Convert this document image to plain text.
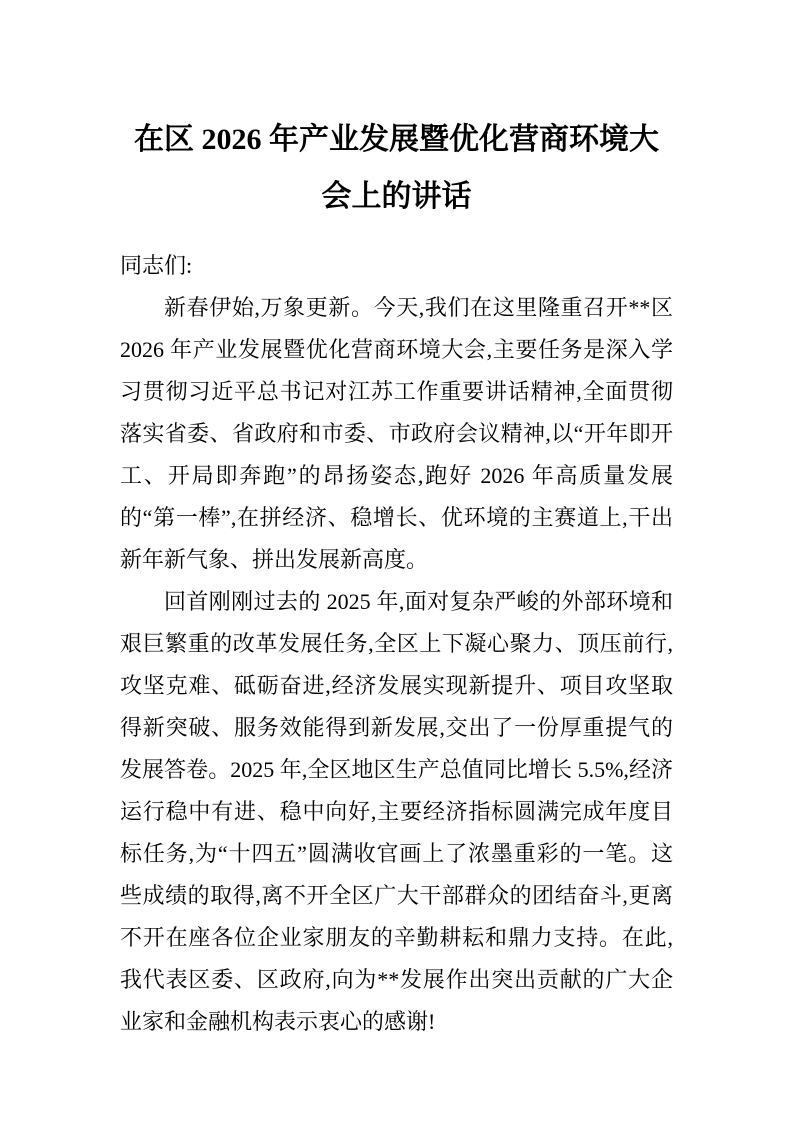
在区 2026 年产业发展暨优化营商环境大会上的讲话

同志们:

新春伊始,万象更新。今天,我们在这里隆重召开**区 2026 年产业发展暨优化营商环境大会,主要任务是深入学习贯彻习近平总书记对江苏工作重要讲话精神,全面贯彻落实省委、省政府和市委、市政府会议精神,以“开年即开工、开局即奔跑”的昂扬姿态,跑好 2026 年高质量发展的“第一棒”,在拼经济、稳增长、优环境的主赛道上,干出新年新气象、拼出发展新高度。

回首刚刚过去的 2025 年,面对复杂严峻的外部环境和艰巨繁重的改革发展任务,全区上下凝心聚力、顶压前行,攻坚克难、砥砺奋进,经济发展实现新提升、项目攻坚取得新突破、服务效能得到新发展,交出了一份厚重提气的发展答卷。2025 年,全区地区生产总值同比增长 5.5%,经济运行稳中有进、稳中向好,主要经济指标圆满完成年度目标任务,为“十四五”圆满收官画上了浓墨重彩的一笔。这些成绩的取得,离不开全区广大干部群众的团结奋斗,更离不开在座各位企业家朋友的辛勤耕耘和鼎力支持。在此,我代表区委、区政府,向为**发展作出突出贡献的广大企业家和金融机构表示衷心的感谢!
